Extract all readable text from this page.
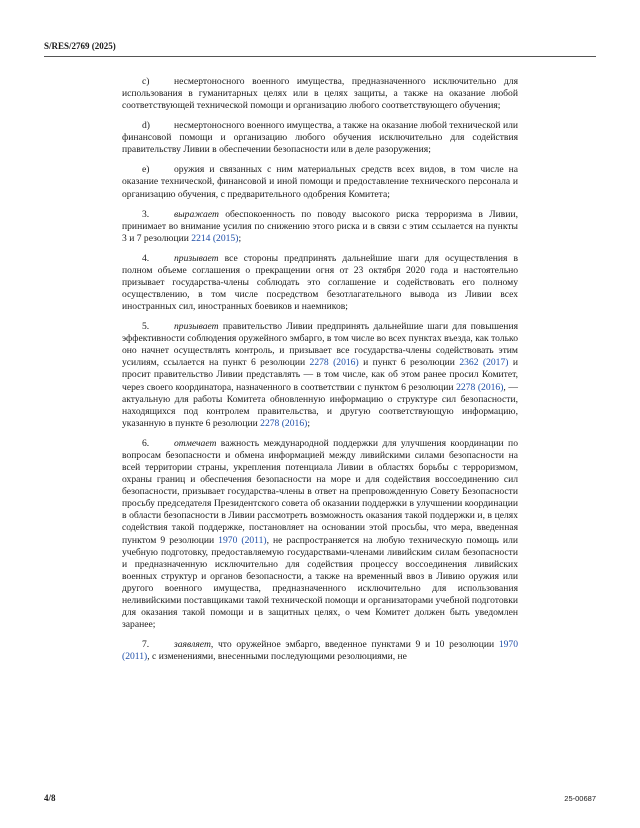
S/RES/2769 (2025)

c)	несмертоносного военного имущества, предназначенного исключительно для использования в гуманитарных целях или в целях защиты, а также на оказание любой соответствующей технической помощи и организацию любого соответствующего обучения;

d)	несмертоносного военного имущества, а также на оказание любой технической или финансовой помощи и организацию любого обучения исключительно для содействия правительству Ливии в обеспечении безопасности или в деле разоружения;

e)	оружия и связанных с ним материальных средств всех видов, в том числе на оказание технической, финансовой и иной помощи и предоставление технического персонала и организацию обучения, с предварительного одобрения Комитета;

3.	выражает обеспокоенность по поводу высокого риска терроризма в Ливии, принимает во внимание усилия по снижению этого риска и в связи с этим ссылается на пункты 3 и 7 резолюции 2214 (2015);

4.	призывает все стороны предпринять дальнейшие шаги для осуществления в полном объеме соглашения о прекращении огня от 23 октября 2020 года и настоятельно призывает государства-члены соблюдать это соглашение и содействовать его полному осуществлению, в том числе посредством безотлагательного вывода из Ливии всех иностранных сил, иностранных боевиков и наемников;

5.	призывает правительство Ливии предпринять дальнейшие шаги для повышения эффективности соблюдения оружейного эмбарго, в том числе во всех пунктах въезда, как только оно начнет осуществлять контроль, и призывает все государства-члены содействовать этим усилиям, ссылается на пункт 6 резолюции 2278 (2016) и пункт 6 резолюции 2362 (2017) и просит правительство Ливии представлять — в том числе, как об этом ранее просил Комитет, через своего координатора, назначенного в соответствии с пунктом 6 резолюции 2278 (2016), — актуальную для работы Комитета обновленную информацию о структуре сил безопасности, находящихся под контролем правительства, и другую соответствующую информацию, указанную в пункте 6 резолюции 2278 (2016);

6.	отмечает важность международной поддержки для улучшения координации по вопросам безопасности и обмена информацией между ливийскими силами безопасности на всей территории страны, укрепления потенциала Ливии в областях борьбы с терроризмом, охраны границ и обеспечения безопасности на море и для содействия воссоединению сил безопасности, призывает государства-члены в ответ на препровожденную Совету Безопасности просьбу председателя Президентского совета об оказании поддержки в улучшении координации в области безопасности в Ливии рассмотреть возможность оказания такой поддержки и, в целях содействия такой поддержке, постановляет на основании этой просьбы, что мера, введенная пунктом 9 резолюции 1970 (2011), не распространяется на любую техническую помощь или учебную подготовку, предоставляемую государствами-членами ливийским силам безопасности и предназначенную исключительно для содействия процессу воссоединения ливийских военных структур и органов безопасности, а также на временный ввоз в Ливию оружия или другого военного имущества, предназначенного исключительно для использования неливийскими поставщиками такой технической помощи и организаторами учебной подготовки для оказания такой помощи и в защитных целях, о чем Комитет должен быть уведомлен заранее;

7.	заявляет, что оружейное эмбарго, введенное пунктами 9 и 10 резолюции 1970 (2011), с изменениями, внесенными последующими резолюциями, не

4/8	25-00687
